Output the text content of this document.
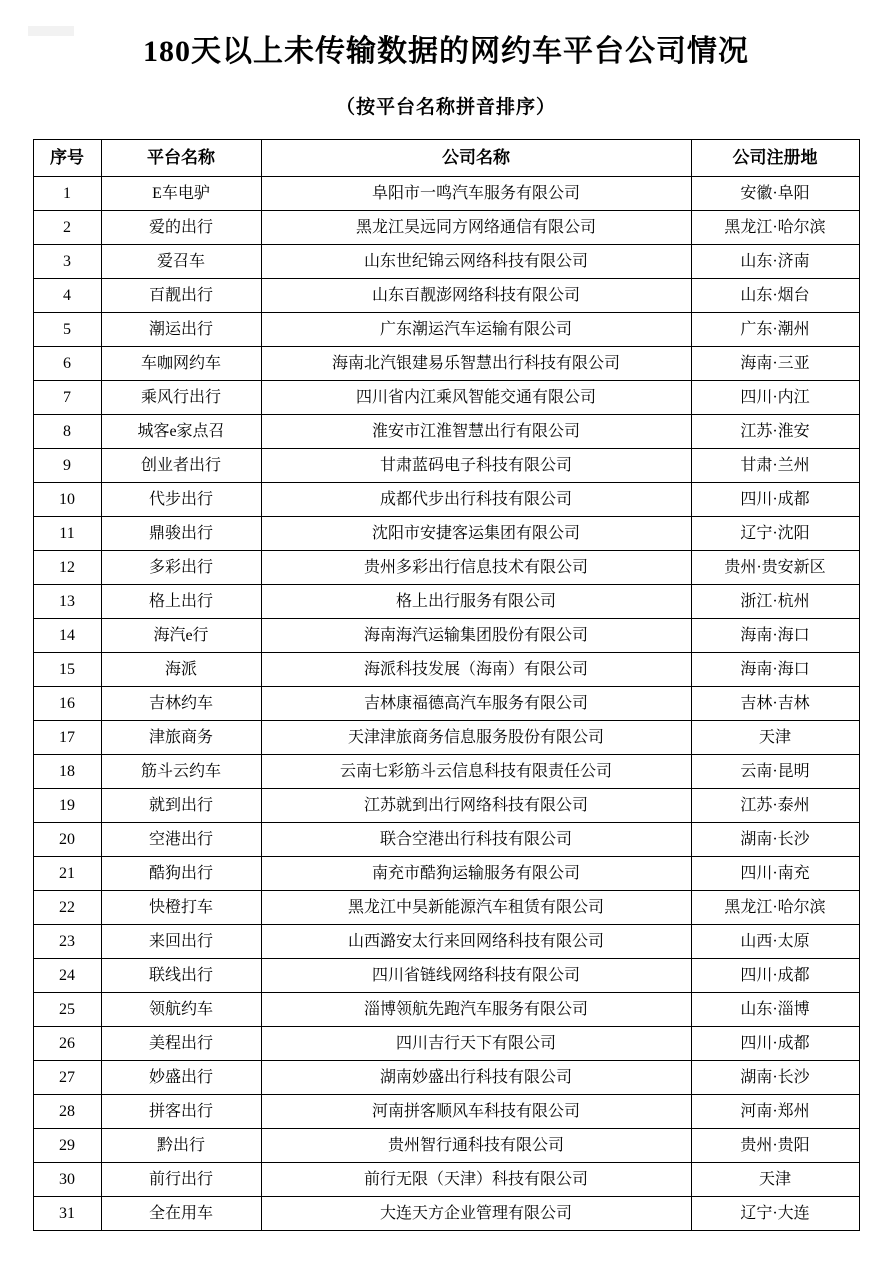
180天以上未传输数据的网约车平台公司情况
（按平台名称拼音排序）
序号	平台名称	公司名称	公司注册地
1	E车电驴	阜阳市一鸣汽车服务有限公司	安徽·阜阳
2	爱的出行	黑龙江昊远同方网络通信有限公司	黑龙江·哈尔滨
3	爱召车	山东世纪锦云网络科技有限公司	山东·济南
4	百靓出行	山东百靓澎网络科技有限公司	山东·烟台
5	潮运出行	广东潮运汽车运输有限公司	广东·潮州
6	车咖网约车	海南北汽银建易乐智慧出行科技有限公司	海南·三亚
7	乘风行出行	四川省内江乘风智能交通有限公司	四川·内江
8	城客e家点召	淮安市江淮智慧出行有限公司	江苏·淮安
9	创业者出行	甘肃蓝码电子科技有限公司	甘肃·兰州
10	代步出行	成都代步出行科技有限公司	四川·成都
11	鼎骏出行	沈阳市安捷客运集团有限公司	辽宁·沈阳
12	多彩出行	贵州多彩出行信息技术有限公司	贵州·贵安新区
13	格上出行	格上出行服务有限公司	浙江·杭州
14	海汽e行	海南海汽运输集团股份有限公司	海南·海口
15	海派	海派科技发展（海南）有限公司	海南·海口
16	吉林约车	吉林康福德高汽车服务有限公司	吉林·吉林
17	津旅商务	天津津旅商务信息服务股份有限公司	天津
18	筋斗云约车	云南七彩筋斗云信息科技有限责任公司	云南·昆明
19	就到出行	江苏就到出行网络科技有限公司	江苏·泰州
20	空港出行	联合空港出行科技有限公司	湖南·长沙
21	酷狗出行	南充市酷狗运输服务有限公司	四川·南充
22	快橙打车	黑龙江中昊新能源汽车租赁有限公司	黑龙江·哈尔滨
23	来回出行	山西潞安太行来回网络科技有限公司	山西·太原
24	联线出行	四川省链线网络科技有限公司	四川·成都
25	领航约车	淄博领航先跑汽车服务有限公司	山东·淄博
26	美程出行	四川吉行天下有限公司	四川·成都
27	妙盛出行	湖南妙盛出行科技有限公司	湖南·长沙
28	拼客出行	河南拼客顺风车科技有限公司	河南·郑州
29	黔出行	贵州智行通科技有限公司	贵州·贵阳
30	前行出行	前行无限（天津）科技有限公司	天津
31	全在用车	大连天方企业管理有限公司	辽宁·大连
